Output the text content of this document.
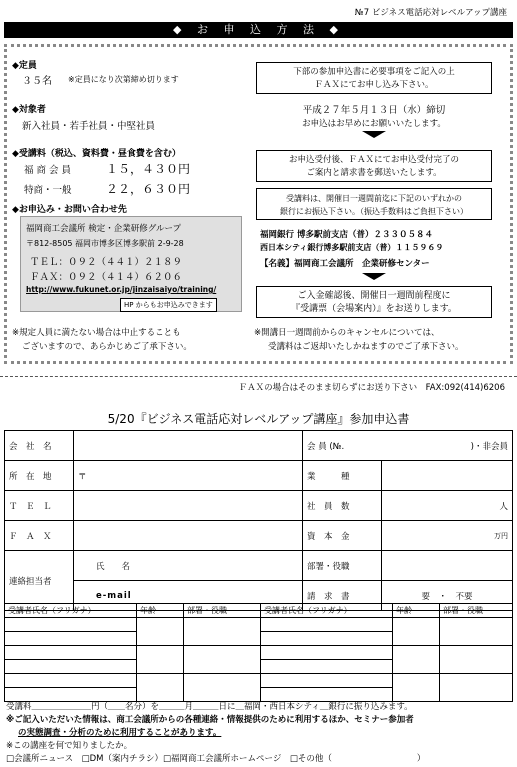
№7 ビジネス電話応対レベルアップ講座
◆ お 申 込 方 法 ◆
◆定員
３５名 ※定員になり次第締め切ります
◆対象者
新入社員・若手社員・中堅社員
◆受講料（税込、資料費・昼食費を含む）
福 商 会 員	１５，４３０円
特商・一般	２２，６３０円
◆お申込み・お問い合わせ先
福岡商工会議所 検定・企業研修グループ
〒812-8505 福岡市博多区博多駅前 2-9-28
ＴＥＬ：０９２（４４１）２１８９
ＦＡＸ：０９２（４１４）６２０６
http://www.fukunet.or.jp/jinzaisaiyo/training/
HP からもお申込みできます
※規定人員に満たない場合は中止することも
ございますので、あらかじめご了承下さい。
下部の参加申込書に必要事項をご記入の上
ＦＡＸにてお申し込み下さい。
平成２７年５月１３日（水）締切
お申込はお早めにお願いいたします。
お申込受付後、ＦＡＸにてお申込受付完了の
ご案内と請求書を郵送いたします。
受講料は、開催日一週間前迄に下記のいずれかの
銀行にお振込下さい。（振込手数料はご負担下さい）
福岡銀行 博多駅前支店（普）２３３０５８４
西日本シティ銀行博多駅前支店（普）１１５９６９
【名義】福岡商工会議所　企業研修センター
ご入金確認後、開催日一週間前程度に
『受講票（会場案内）』をお送りします。
※開講日一週間前からのキャンセルについては、
受講料はご返却いたしかねますのでご了承下さい。
ＦＡＸの場合はそのまま切らずにお送り下さい　FAX:092(414)6206
5/20『ビジネス電話応対レベルアップ講座』参加申込書
会　社　名		会 員 (№. )・非会員	

所　在　地	〒	業　　　種	
Ｔ　Ｅ　Ｌ		社　員　数	人
Ｆ　Ａ　Ｘ		資　本　金	万円
連絡担当者	氏　　名	部署・役職	
	e-mail	請　求　書	要　・　不要
受講者氏名（フリガナ）	年齢	部署・役職	受講者氏名（フリガナ）	年齢	部署・役職

受講料＿＿＿＿＿＿＿円（＿＿名分）を＿＿＿月＿＿＿日に＿福岡・西日本シティ＿銀行に振り込みます。
※ご記入いただいた情報は、商工会議所からの各種連絡・情報提供のために利用するほか、セミナー参加者
の実態調査・分析のために利用することがあります。
※この講座を何で知りましたか。
□会議所ニュース　□DM（案内チラシ）□福岡商工会議所ホームページ　□その他（　　　　　　　　　　）
